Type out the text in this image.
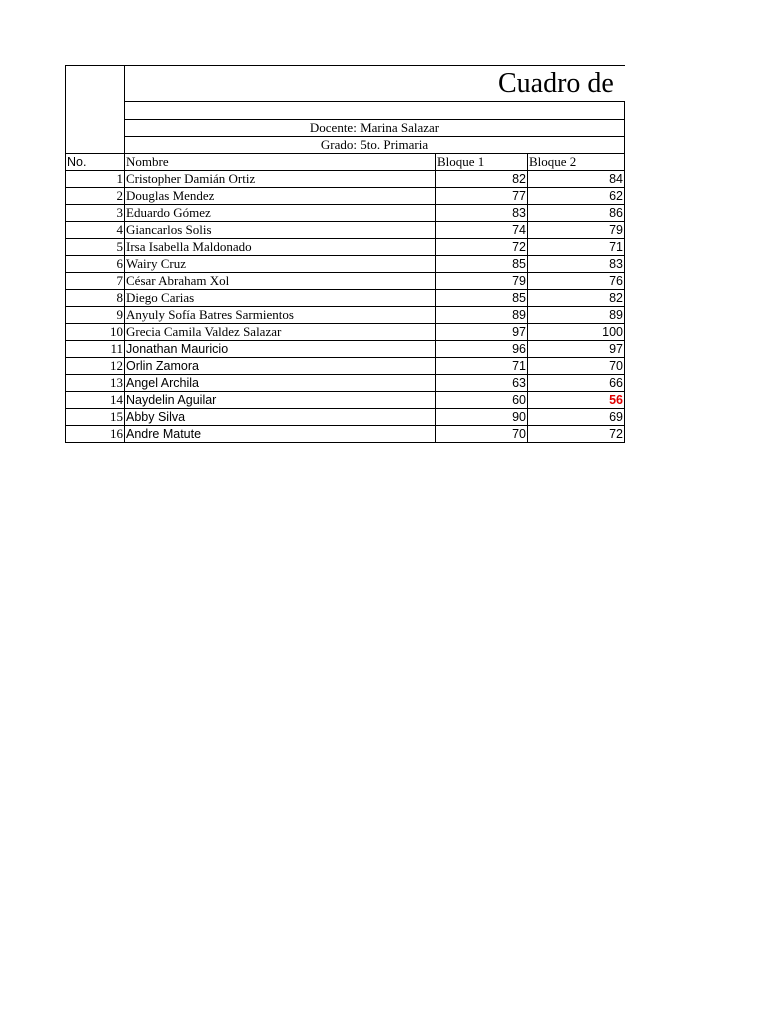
	Cuadro de		

	Docente: Marina Salazar		
	Grado: 5to. Primaria		
No.	Nombre	Bloque 1	Bloque 2
1	Cristopher Damián Ortiz	82	84
2	Douglas Mendez	77	62
3	Eduardo Gómez	83	86
4	Giancarlos Solis	74	79
5	Irsa Isabella Maldonado	72	71
6	Wairy Cruz	85	83
7	César Abraham Xol	79	76
8	Diego Carias	85	82
9	Anyuly Sofía Batres Sarmientos	89	89
10	Grecia Camila Valdez Salazar	97	100
11	Jonathan Mauricio	96	97
12	Orlin Zamora	71	70
13	Angel Archila	63	66
14	Naydelin Aguilar	60	56
15	Abby Silva	90	69
16	Andre Matute	70	72
